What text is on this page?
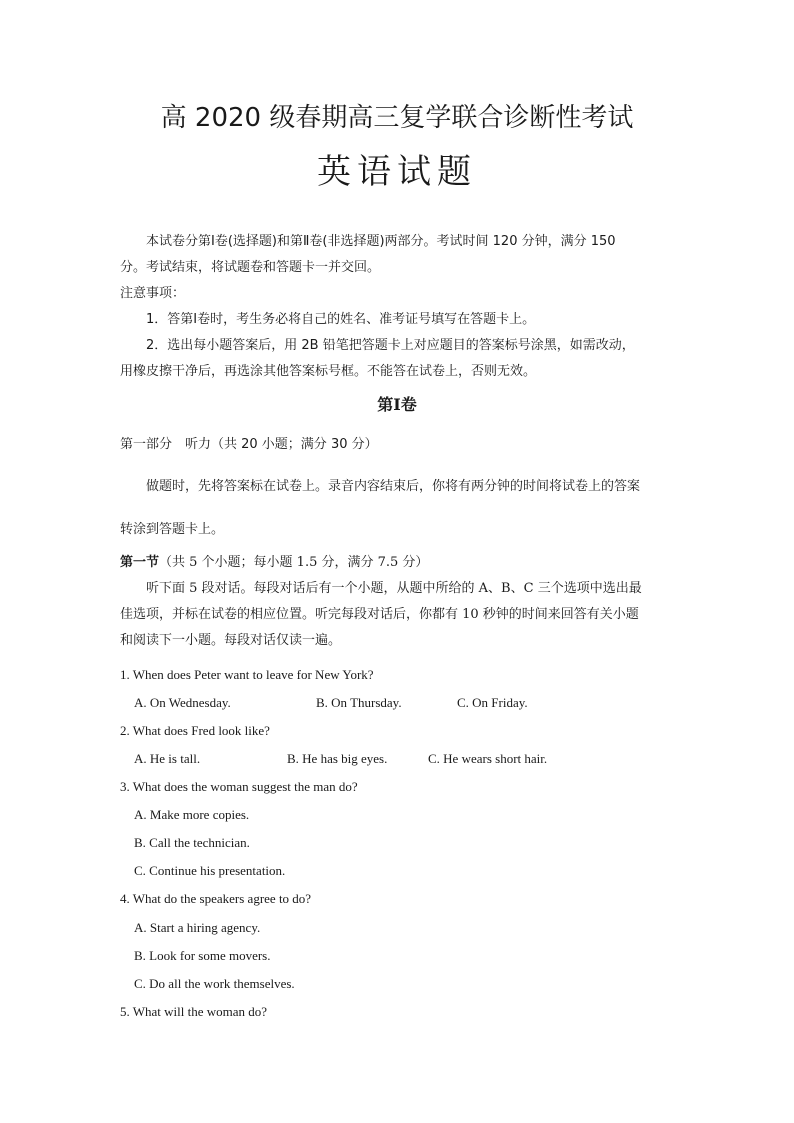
高 2020 级春期高三复学联合诊断性考试
英语试题
本试卷分第Ⅰ卷(选择题)和第Ⅱ卷(非选择题)两部分。考试时间 120 分钟，满分 150
分。考试结束，将试题卷和答题卡一并交回。
注意事项：
1．答第Ⅰ卷时，考生务必将自己的姓名、准考证号填写在答题卡上。
2．选出每小题答案后，用 2B 铅笔把答题卡上对应题目的答案标号涂黑，如需改动，
用橡皮擦干净后，再选涂其他答案标号框。不能答在试卷上，否则无效。
第Ⅰ卷
第一部分　听力（共 20 小题；满分 30 分）
做题时，先将答案标在试卷上。录音内容结束后，你将有两分钟的时间将试卷上的答案
转涂到答题卡上。
第一节（共 5 个小题；每小题 1.5 分，满分 7.5 分）
听下面 5 段对话。每段对话后有一个小题，从题中所给的 A、B、C 三个选项中选出最
佳选项，并标在试卷的相应位置。听完每段对话后，你都有 10 秒钟的时间来回答有关小题
和阅读下一小题。每段对话仅读一遍。
1. When does Peter want to leave for New York?
A. On Wednesday.	B. On Thursday.	C. On Friday.
2. What does Fred look like?
A. He is tall.	B. He has big eyes.	C. He wears short hair.
3. What does the woman suggest the man do?
A. Make more copies.
B. Call the technician.
C. Continue his presentation.
4. What do the speakers agree to do?
A. Start a hiring agency.
B. Look for some movers.
C. Do all the work themselves.
5. What will the woman do?
